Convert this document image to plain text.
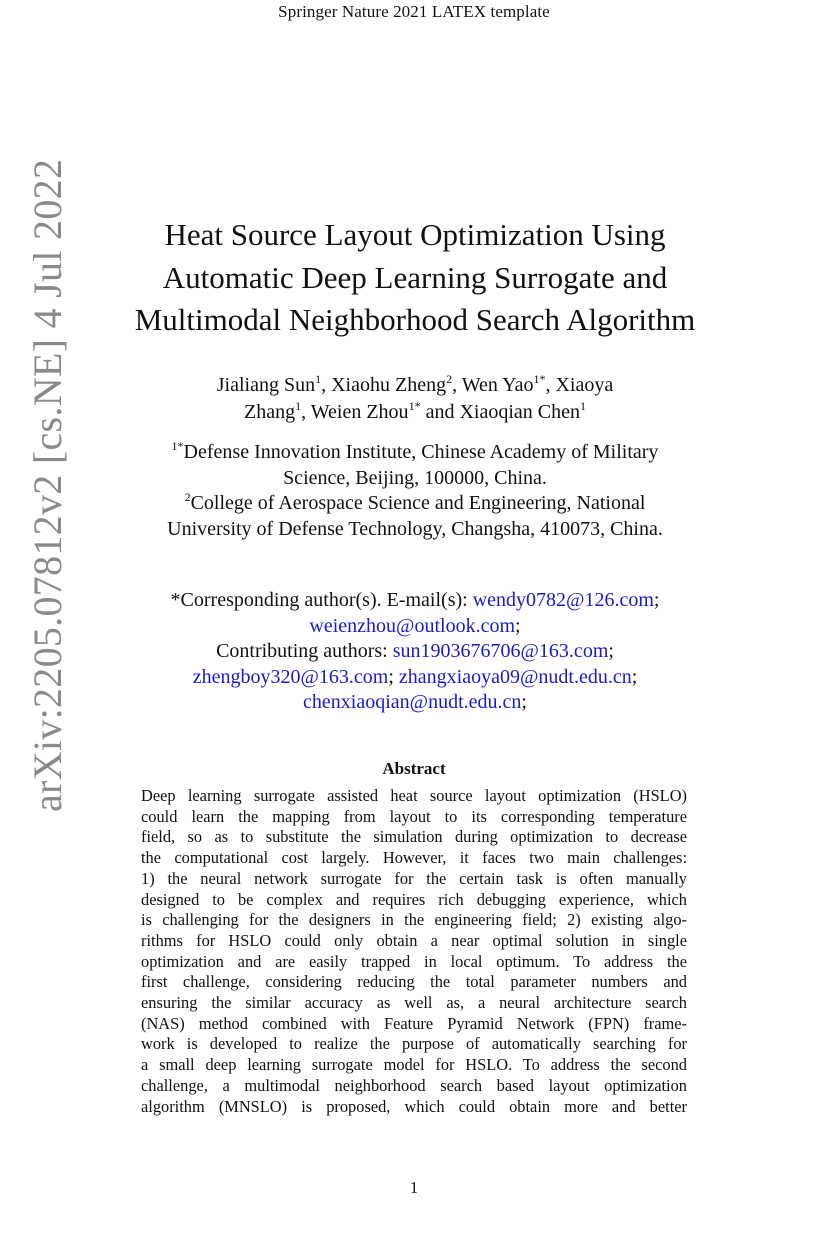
Springer Nature 2021 LATEX template
arXiv:2205.07812v2 [cs.NE] 4 Jul 2022	Heat Source Layout Optimization Using
Automatic Deep Learning Surrogate and
Multimodal Neighborhood Search Algorithm
Jialiang Sun$^1$, Xiaohu Zheng$^2$, Wen Yao$^{1*}$, Xiaoya
Zhang$^1$, Weien Zhou$^{1*}$ and Xiaoqian Chen$^1$
$^{1*}$Defense Innovation Institute, Chinese Academy of Military
Science, Beijing, 100000, China.
$^2$College of Aerospace Science and Engineering, National
University of Defense Technology, Changsha, 410073, China.
*Corresponding author(s). E-mail(s): wendy0782@126.com;
weienzhou@outlook.com;
Contributing authors: sun1903676706@163.com;
zhengboy320@163.com; zhangxiaoya09@nudt.edu.cn;
chenxiaoqian@nudt.edu.cn;
Abstract
Deep learning surrogate assisted heat source layout optimization (HSLO)
could learn the mapping from layout to its corresponding temperature
field, so as to substitute the simulation during optimization to decrease
the computational cost largely. However, it faces two main challenges:
1) the neural network surrogate for the certain task is often manually
designed to be complex and requires rich debugging experience, which
is challenging for the designers in the engineering field; 2) existing algo-
rithms for HSLO could only obtain a near optimal solution in single
optimization and are easily trapped in local optimum. To address the
first challenge, considering reducing the total parameter numbers and
ensuring the similar accuracy as well as, a neural architecture search
(NAS) method combined with Feature Pyramid Network (FPN) frame-
work is developed to realize the purpose of automatically searching for
a small deep learning surrogate model for HSLO. To address the second
challenge, a multimodal neighborhood search based layout optimization
algorithm (MNSLO) is proposed, which could obtain more and better
1
